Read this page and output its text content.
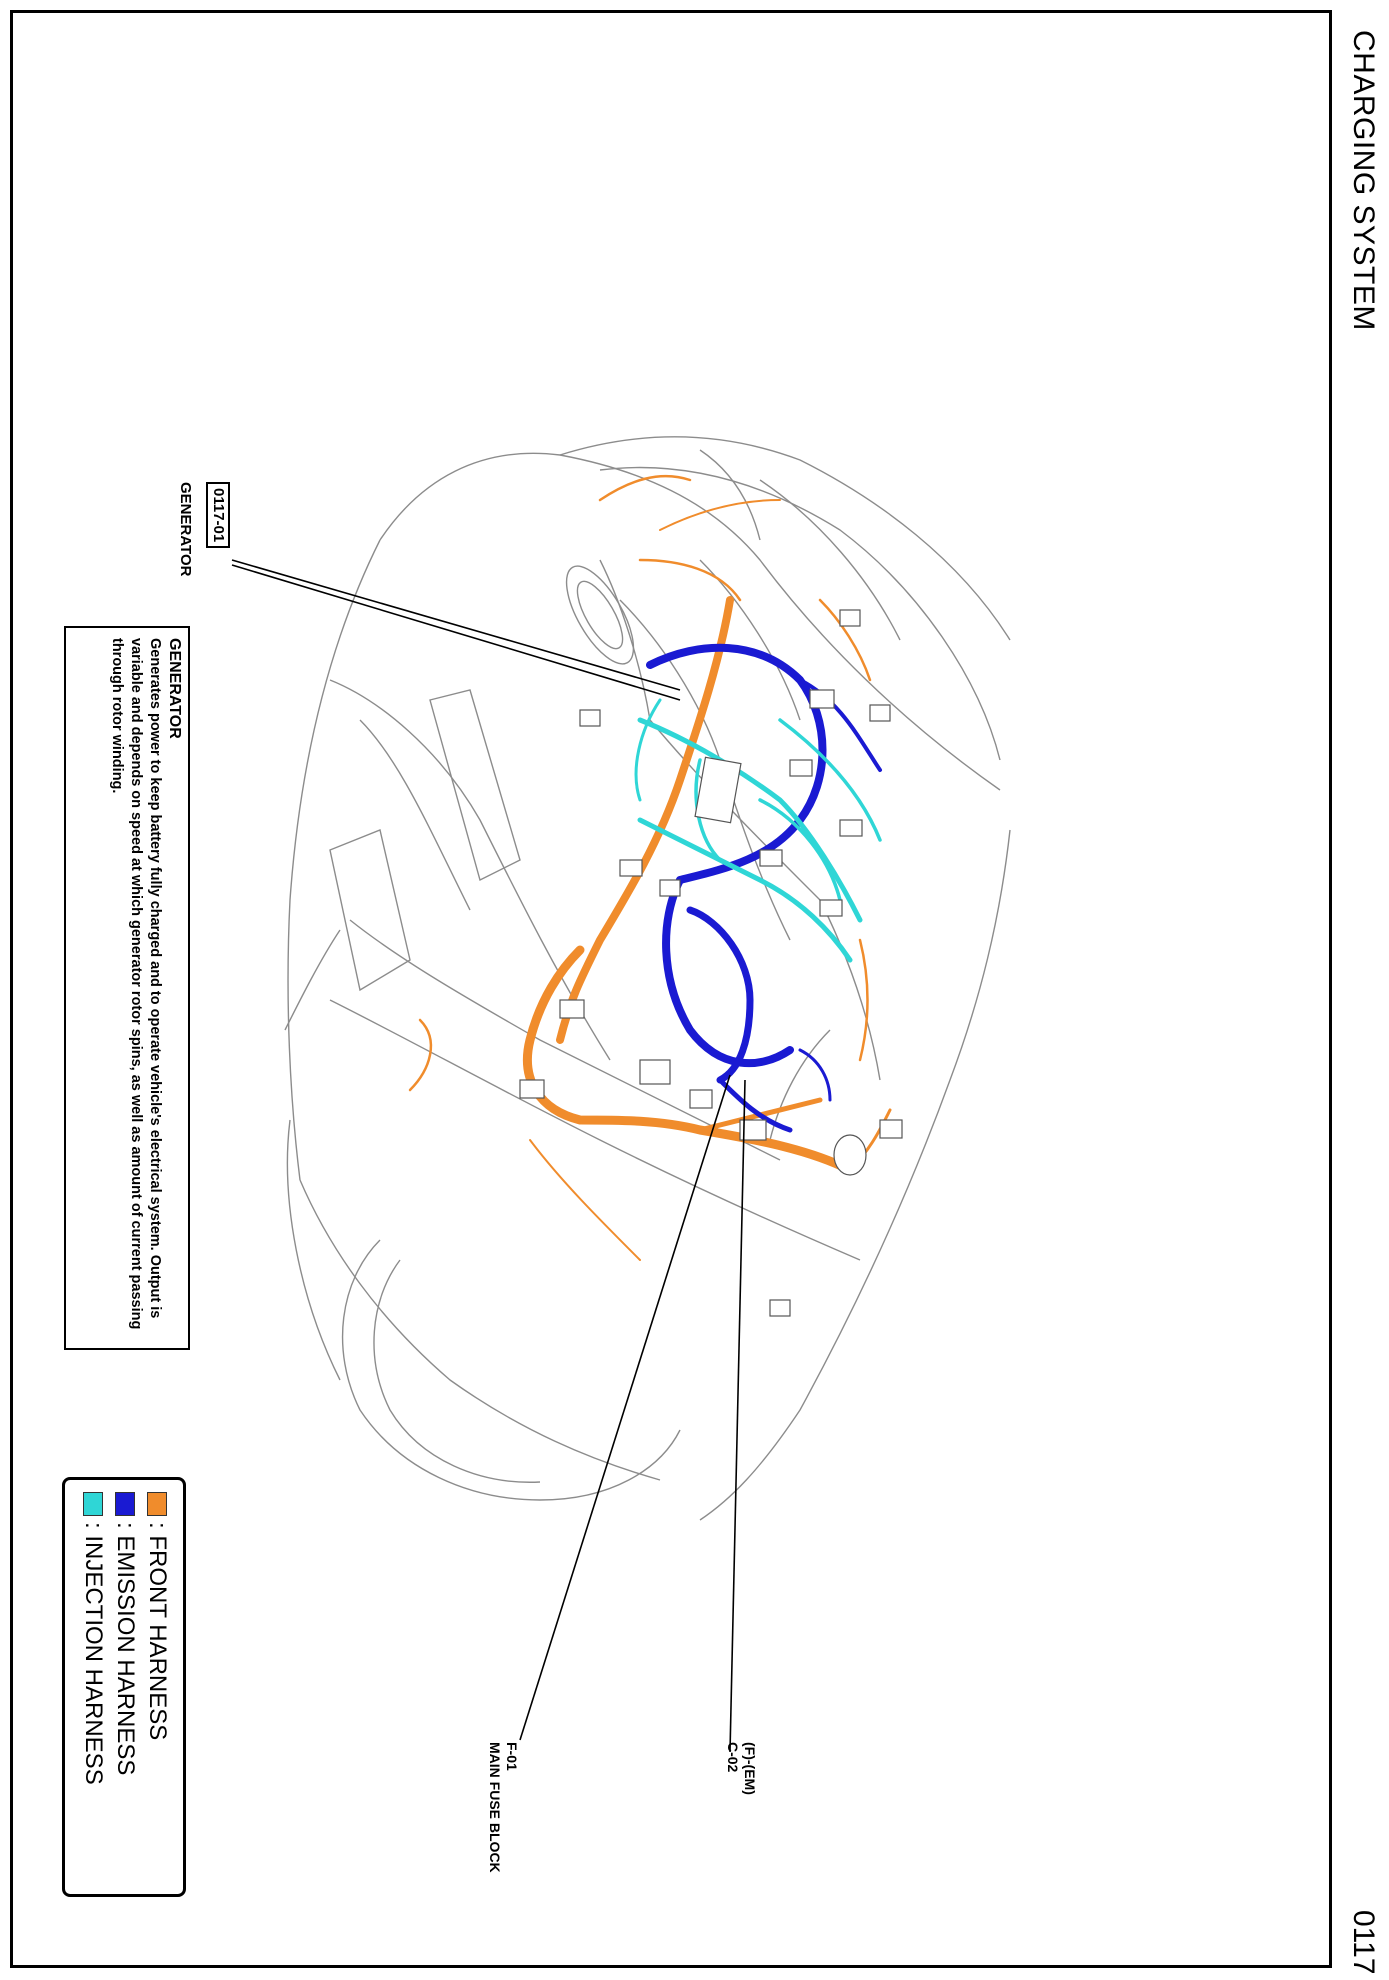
CHARGING SYSTEM
0117
0117-01
GENERATOR
GENERATOR
Generates power to keep battery fully charged and to operate vehicle's electrical system. Output is variable and depends on speed at which generator rotor spins, as well as amount of current passing through rotor winding.
F-01
MAIN FUSE BLOCK	(F)-(EM)
C-02
: FRONT HARNESS
: EMISSION HARNESS
: INJECTION HARNESS
